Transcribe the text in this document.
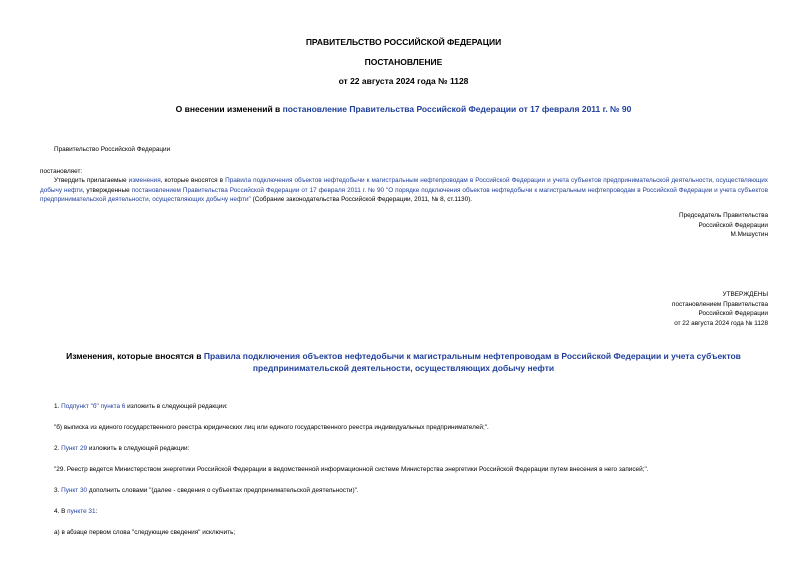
ПРАВИТЕЛЬСТВО РОССИЙСКОЙ ФЕДЕРАЦИИ
ПОСТАНОВЛЕНИЕ
от 22 августа 2024 года № 1128
О внесении изменений в постановление Правительства Российской Федерации от 17 февраля 2011 г. № 90
Правительство Российской Федерации
постановляет:
Утвердить прилагаемые изменения, которые вносятся в Правила подключения объектов нефтедобычи к магистральным нефтепроводам в Российской Федерации и учета субъектов предпринимательской деятельности, осуществляющих добычу нефти, утвержденные постановлением Правительства Российской Федерации от 17 февраля 2011 г. № 90 "О порядке подключения объектов нефтедобычи к магистральным нефтепроводам в Российской Федерации и учета субъектов предпринимательской деятельности, осуществляющих добычу нефти" (Собрание законодательства Российской Федерации, 2011, № 8, ст.1130).
Председатель Правительства
Российской Федерации
М.Мишустин
УТВЕРЖДЕНЫ
постановлением Правительства
Российской Федерации
от 22 августа 2024 года № 1128
Изменения, которые вносятся в Правила подключения объектов нефтедобычи к магистральным нефтепроводам в Российской Федерации и учета субъектов предпринимательской деятельности, осуществляющих добычу нефти
1. Подпункт "б" пункта 6 изложить в следующей редакции:
"б) выписка из единого государственного реестра юридических лиц или единого государственного реестра индивидуальных предпринимателей;".
2. Пункт 29 изложить в следующей редакции:
"29. Реестр ведется Министерством энергетики Российской Федерации в ведомственной информационной системе Министерства энергетики Российской Федерации путем внесения в него записей;".
3. Пункт 30 дополнить словами "(далее - сведения о субъектах предпринимательской деятельности)".
4. В пункте 31:
а) в абзаце первом слова "следующие сведения" исключить;
